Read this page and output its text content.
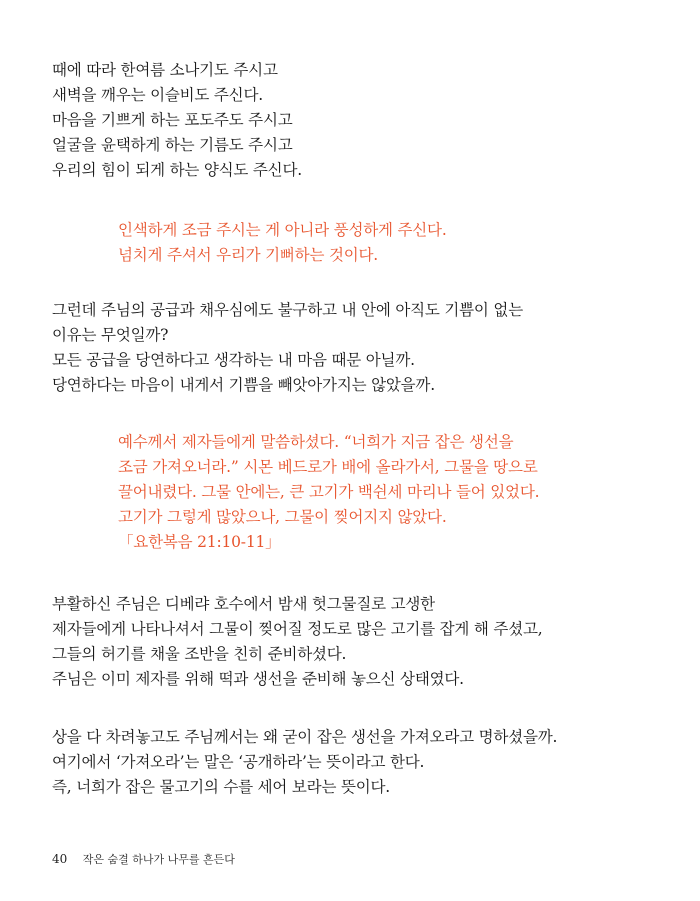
때에 따라 한여름 소나기도 주시고
새벽을 깨우는 이슬비도 주신다.
마음을 기쁘게 하는 포도주도 주시고
얼굴을 윤택하게 하는 기름도 주시고
우리의 힘이 되게 하는 양식도 주신다.
인색하게 조금 주시는 게 아니라 풍성하게 주신다.
넘치게 주셔서 우리가 기뻐하는 것이다.
그런데 주님의 공급과 채우심에도 불구하고 내 안에 아직도 기쁨이 없는
이유는 무엇일까?
모든 공급을 당연하다고 생각하는 내 마음 때문 아닐까.
당연하다는 마음이 내게서 기쁨을 빼앗아가지는 않았을까.
예수께서 제자들에게 말씀하셨다. “너희가 지금 잡은 생선을
조금 가져오너라.” 시몬 베드로가 배에 올라가서, 그물을 땅으로
끌어내렸다. 그물 안에는, 큰 고기가 백쉰세 마리나 들어 있었다.
고기가 그렇게 많았으나, 그물이 찢어지지 않았다.
「요한복음 21:10-11」
부활하신 주님은 디베랴 호수에서 밤새 헛그물질로 고생한
제자들에게 나타나셔서 그물이 찢어질 정도로 많은 고기를 잡게 해 주셨고,
그들의 허기를 채울 조반을 친히 준비하셨다.
주님은 이미 제자를 위해 떡과 생선을 준비해 놓으신 상태였다.
상을 다 차려놓고도 주님께서는 왜 굳이 잡은 생선을 가져오라고 명하셨을까.
여기에서 ‘가져오라’는 말은 ‘공개하라’는 뜻이라고 한다.
즉, 너희가 잡은 물고기의 수를 세어 보라는 뜻이다.
40 작은 숨결 하나가 나무를 흔든다
